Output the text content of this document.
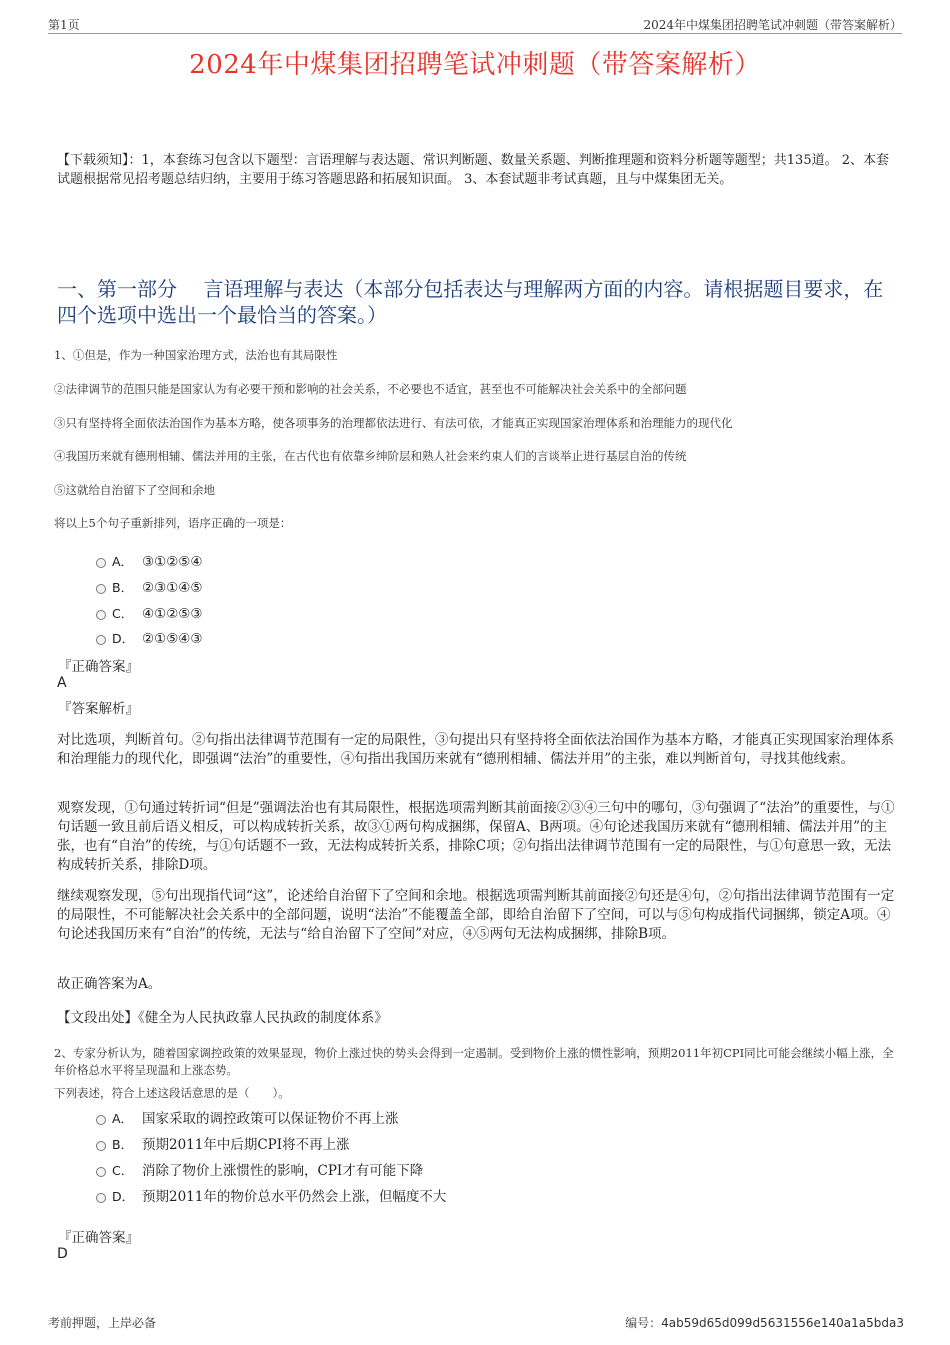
第1页	2024年中煤集团招聘笔试冲刺题（带答案解析）
2024年中煤集团招聘笔试冲刺题（带答案解析）
【下载须知】：1，本套练习包含以下题型：言语理解与表达题、常识判断题、数量关系题、判断推理题和资料分析题等题型；共135道。 2、本套试题根据常见招考题总结归纳，主要用于练习答题思路和拓展知识面。 3、本套试题非考试真题，且与中煤集团无关。
一、第一部分　 言语理解与表达（本部分包括表达与理解两方面的内容。请根据题目要求，在四个选项中选出一个最恰当的答案。）
1、①但是，作为一种国家治理方式，法治也有其局限性
②法律调节的范围只能是国家认为有必要干预和影响的社会关系，不必要也不适宜，甚至也不可能解决社会关系中的全部问题
③只有坚持将全面依法治国作为基本方略，使各项事务的治理都依法进行、有法可依，才能真正实现国家治理体系和治理能力的现代化
④我国历来就有德刑相辅、儒法并用的主张，在古代也有依靠乡绅阶层和熟人社会来约束人们的言谈举止进行基层自治的传统
⑤这就给自治留下了空间和余地
将以上5个句子重新排列，语序正确的一项是：
A． ③①②⑤④
B． ②③①④⑤
C． ④①②⑤③
D． ②①⑤④③
『正确答案』
A
『答案解析』
对比选项，判断首句。②句指出法律调节范围有一定的局限性，③句提出只有坚持将全面依法治国作为基本方略，才能真正实现国家治理体系和治理能力的现代化，即强调“法治”的重要性，④句指出我国历来就有“德刑相辅、儒法并用”的主张，难以判断首句，寻找其他线索。
观察发现，①句通过转折词“但是”强调法治也有其局限性，根据选项需判断其前面接②③④三句中的哪句，③句强调了“法治”的重要性，与①句话题一致且前后语义相反，可以构成转折关系，故③①两句构成捆绑，保留A、B两项。④句论述我国历来就有“德刑相辅、儒法并用”的主张，也有“自治”的传统，与①句话题不一致，无法构成转折关系，排除C项；②句指出法律调节范围有一定的局限性，与①句意思一致，无法构成转折关系，排除D项。
继续观察发现，⑤句出现指代词“这”，论述给自治留下了空间和余地。根据选项需判断其前面接②句还是④句，②句指出法律调节范围有一定的局限性，不可能解决社会关系中的全部问题，说明“法治”不能覆盖全部，即给自治留下了空间，可以与⑤句构成指代词捆绑，锁定A项。④句论述我国历来有“自治”的传统，无法与“给自治留下了空间”对应，④⑤两句无法构成捆绑，排除B项。
故正确答案为A。
【文段出处】《健全为人民执政靠人民执政的制度体系》
2、专家分析认为，随着国家调控政策的效果显现，物价上涨过快的势头会得到一定遏制。受到物价上涨的惯性影响，预期2011年初CPI同比可能会继续小幅上涨，全年价格总水平将呈现温和上涨态势。
下列表述，符合上述这段话意思的是（　　）。
A． 国家采取的调控政策可以保证物价不再上涨
B． 预期2011年中后期CPI将不再上涨
C． 消除了物价上涨惯性的影响，CPI才有可能下降
D． 预期2011年的物价总水平仍然会上涨，但幅度不大
『正确答案』
D
考前押题，上岸必备	编号：4ab59d65d099d5631556e140a1a5bda3
